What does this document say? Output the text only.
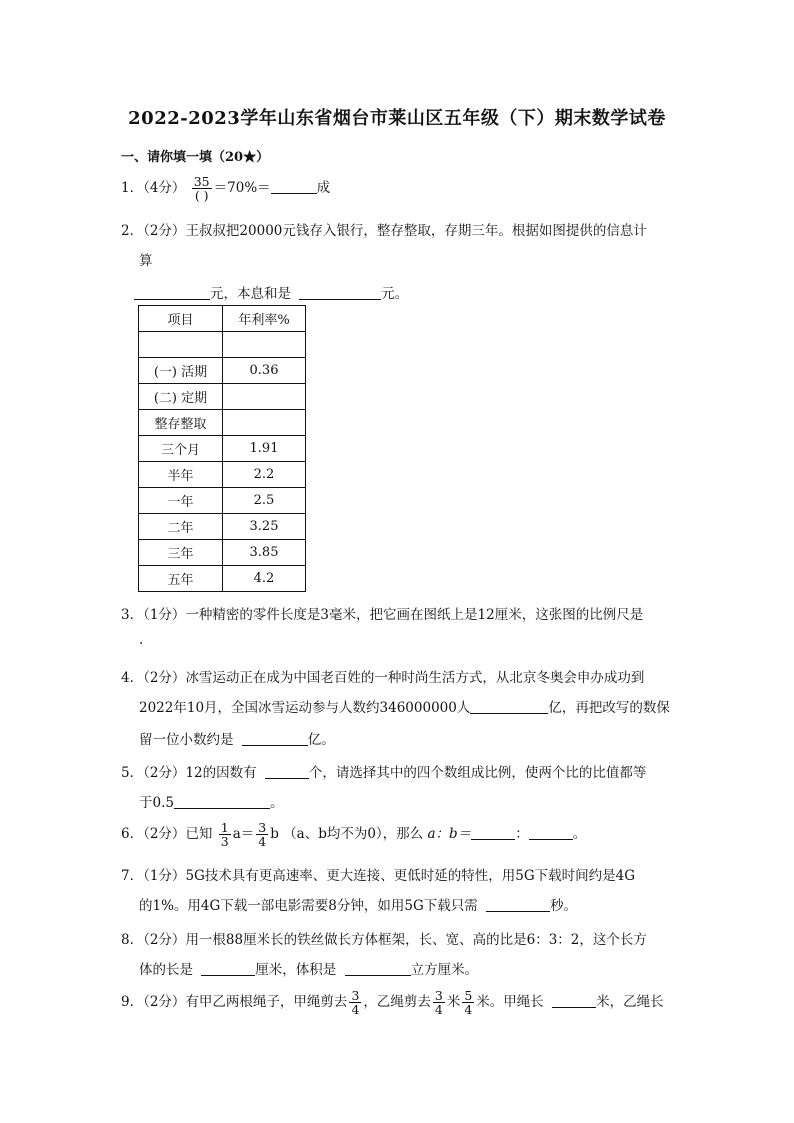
2022-2023学年山东省烟台市莱山区五年级（下）期末数学试卷
一、请你填一填（20★）
1．（4分） $\frac{35}{( )} =70\%=$	成
2．（2分）王叔叔把20000元钱存入银行，整存整取，存期三年。根据如图提供的信息计
算
元，本息和是	元。
项目	年利率%

(一) 活期	0.36
(二) 定期	
整存整取	
三个月	1.91
半年	2.2
一年	2.5
二年	3.25
三年	3.85
五年	4.2
3．（1分）一种精密的零件长度是3毫米，把它画在图纸上是12厘米，这张图的比例尺是
.
4．（2分）冰雪运动正在成为中国老百姓的一种时尚生活方式，从北京冬奥会申办成功到
2022年10月，全国冰雪运动参与人数约346000000人	亿，再把改写的数保
留一位小数约是	亿。
5．（2分）12的因数有	个，请选择其中的四个数组成比例，使两个比的比值都等
于0.5	。
6．（2分）已知 $\frac{1}{3} a= \frac{3}{4}$ b （a、b均不为0），那么 a：b＝	：	。
7．（1分）5G技术具有更高速率、更大连接、更低时延的特性，用5G下载时间约是4G
的1%。用4G下载一部电影需要8分钟，如用5G下载只需	秒。
8．（2分）用一根88厘米长的铁丝做长方体框架，长、宽、高的比是6：3：2，这个长方
体的长是	厘米，体积是	立方厘米。
9．（2分）有甲乙两根绳子，甲绳剪去 $\frac{3}{4}$ ，乙绳剪去 $\frac{3}{4}$ 米 $\frac{5}{4}$ 米。甲绳长	米，乙绳长
